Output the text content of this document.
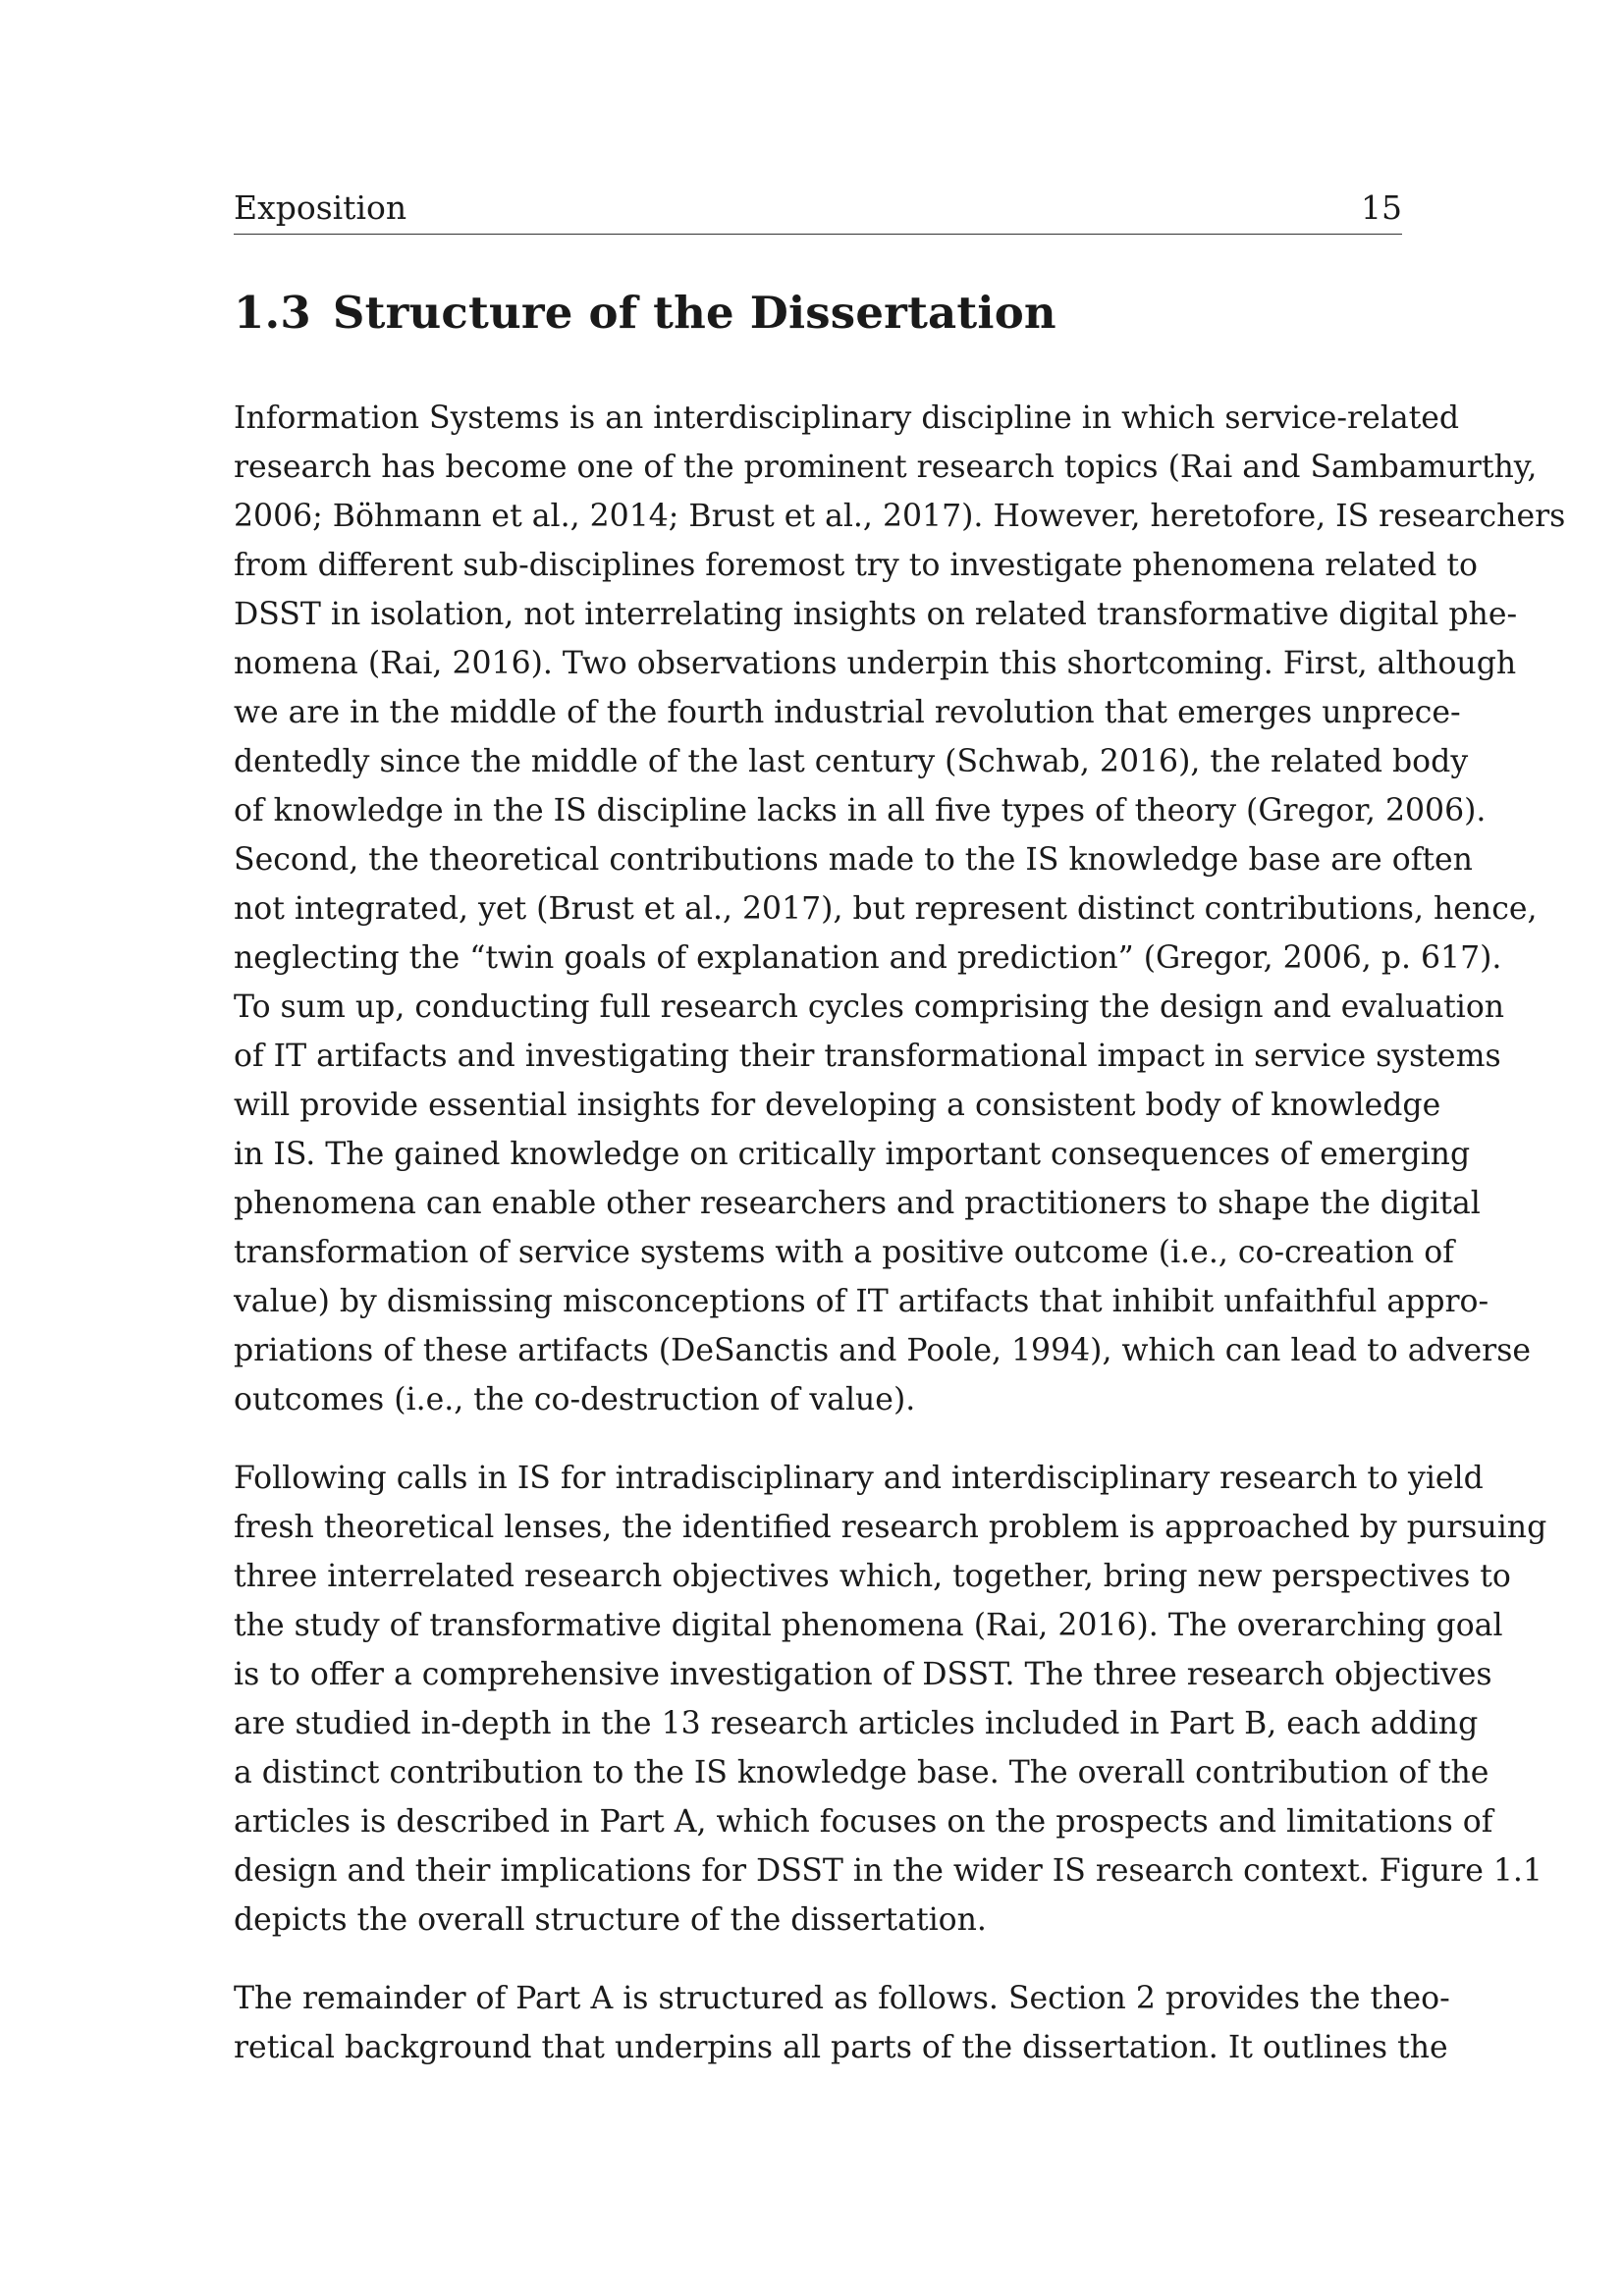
Exposition	15
1.3 Structure of the Dissertation

Information Systems is an interdisciplinary discipline in which service-related
research has become one of the prominent research topics (Rai and Sambamurthy,
2006; Böhmann et al., 2014; Brust et al., 2017). However, heretofore, IS researchers
from different sub-disciplines foremost try to investigate phenomena related to
DSST in isolation, not interrelating insights on related transformative digital phe-
nomena (Rai, 2016). Two observations underpin this shortcoming. First, although
we are in the middle of the fourth industrial revolution that emerges unprece-
dentedly since the middle of the last century (Schwab, 2016), the related body
of knowledge in the IS discipline lacks in all five types of theory (Gregor, 2006).
Second, the theoretical contributions made to the IS knowledge base are often
not integrated, yet (Brust et al., 2017), but represent distinct contributions, hence,
neglecting the “twin goals of explanation and prediction” (Gregor, 2006, p. 617).
To sum up, conducting full research cycles comprising the design and evaluation
of IT artifacts and investigating their transformational impact in service systems
will provide essential insights for developing a consistent body of knowledge
in IS. The gained knowledge on critically important consequences of emerging
phenomena can enable other researchers and practitioners to shape the digital
transformation of service systems with a positive outcome (i.e., co-creation of
value) by dismissing misconceptions of IT artifacts that inhibit unfaithful appro-
priations of these artifacts (DeSanctis and Poole, 1994), which can lead to adverse
outcomes (i.e., the co-destruction of value).

Following calls in IS for intradisciplinary and interdisciplinary research to yield
fresh theoretical lenses, the identified research problem is approached by pursuing
three interrelated research objectives which, together, bring new perspectives to
the study of transformative digital phenomena (Rai, 2016). The overarching goal
is to offer a comprehensive investigation of DSST. The three research objectives
are studied in-depth in the 13 research articles included in Part B, each adding
a distinct contribution to the IS knowledge base. The overall contribution of the
articles is described in Part A, which focuses on the prospects and limitations of
design and their implications for DSST in the wider IS research context. Figure 1.1
depicts the overall structure of the dissertation.

The remainder of Part A is structured as follows. Section 2 provides the theo-
retical background that underpins all parts of the dissertation. It outlines the
